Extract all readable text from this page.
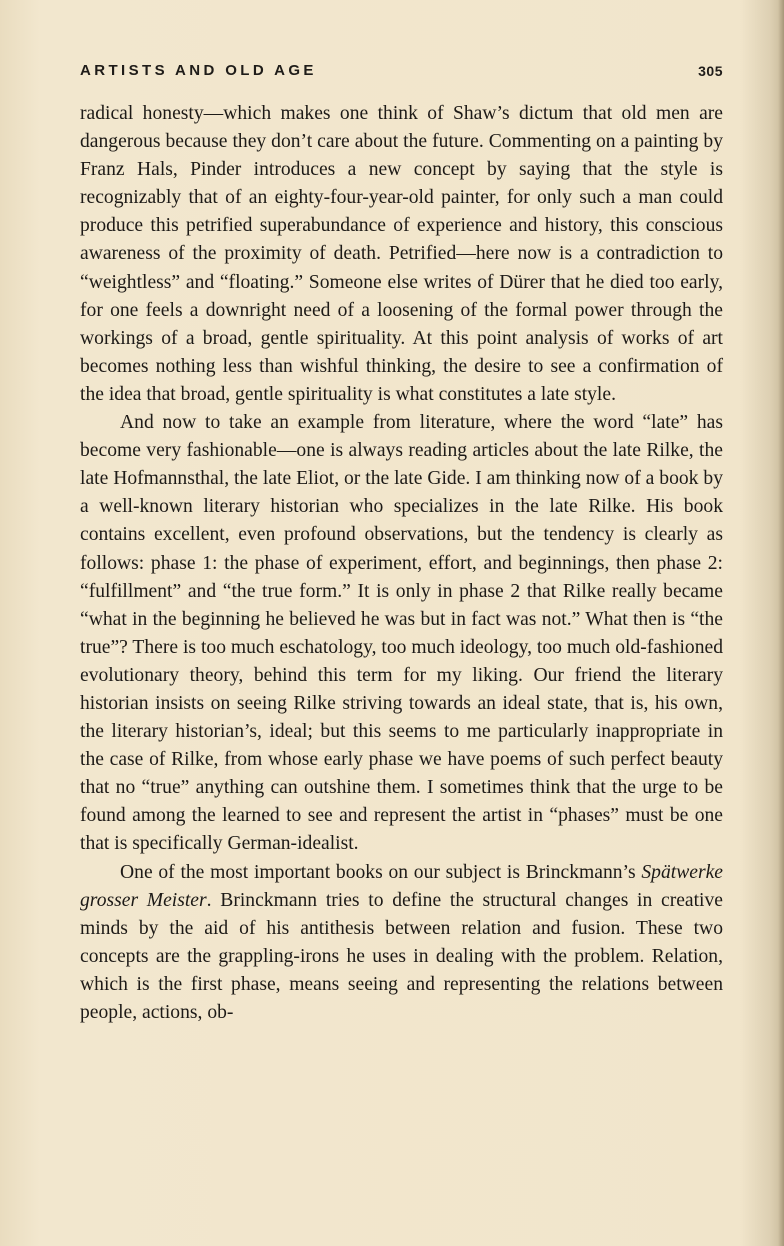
ARTISTS AND OLD AGE	305

radical honesty—which makes one think of Shaw’s dictum that old men are dangerous because they don’t care about the future. Commenting on a painting by Franz Hals, Pinder introduces a new concept by saying that the style is recognizably that of an eighty-four-year-old painter, for only such a man could produce this petrified superabundance of experience and history, this conscious awareness of the proximity of death. Petrified—here now is a contradiction to “weightless” and “floating.” Someone else writes of Dürer that he died too early, for one feels a downright need of a loosening of the formal power through the workings of a broad, gentle spirituality. At this point analysis of works of art becomes nothing less than wishful thinking, the desire to see a confirmation of the idea that broad, gentle spirituality is what constitutes a late style.

And now to take an example from literature, where the word “late” has become very fashionable—one is always reading articles about the late Rilke, the late Hofmannsthal, the late Eliot, or the late Gide. I am thinking now of a book by a well-known literary historian who specializes in the late Rilke. His book contains excellent, even profound observations, but the tendency is clearly as follows: phase 1: the phase of experiment, effort, and beginnings, then phase 2: “fulfillment” and “the true form.” It is only in phase 2 that Rilke really became “what in the beginning he believed he was but in fact was not.” What then is “the true”? There is too much eschatology, too much ideology, too much old-fashioned evolutionary theory, behind this term for my liking. Our friend the literary historian insists on seeing Rilke striving towards an ideal state, that is, his own, the literary historian’s, ideal; but this seems to me particularly inappropriate in the case of Rilke, from whose early phase we have poems of such perfect beauty that no “true” anything can outshine them. I sometimes think that the urge to be found among the learned to see and represent the artist in “phases” must be one that is specifically German-idealist.

One of the most important books on our subject is Brinckmann’s Spätwerke grosser Meister. Brinckmann tries to define the structural changes in creative minds by the aid of his antithesis between relation and fusion. These two concepts are the grappling-irons he uses in dealing with the problem. Relation, which is the first phase, means seeing and representing the relations between people, actions, ob-
